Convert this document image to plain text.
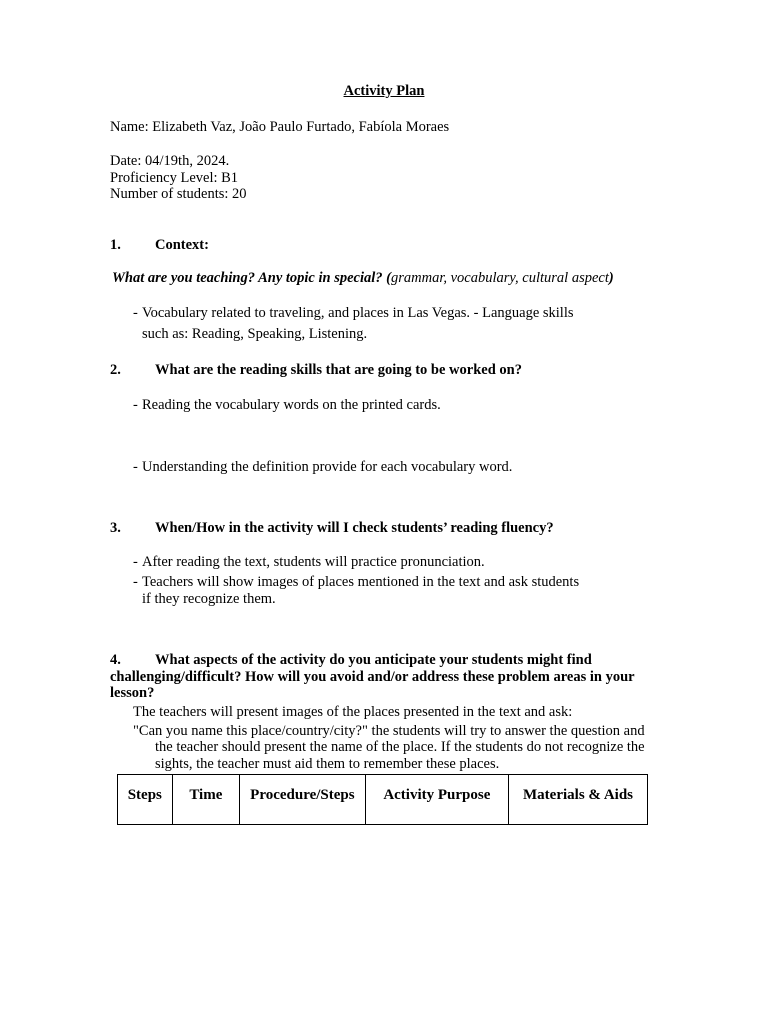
Activity Plan
Name: Elizabeth Vaz, João Paulo Furtado, Fabíola Moraes
Date: 04/19th, 2024.
Proficiency Level: B1
Number of students: 20
1. Context:
What are you teaching? Any topic in special? (grammar, vocabulary, cultural aspect)
- Vocabulary related to traveling, and places in Las Vegas. - Language skills
such as: Reading, Speaking, Listening.
2. What are the reading skills that are going to be worked on?
- Reading the vocabulary words on the printed cards.
- Understanding the definition provide for each vocabulary word.
3. When/How in the activity will I check students’ reading fluency?
- After reading the text, students will practice pronunciation.
- Teachers will show images of places mentioned in the text and ask students
if they recognize them.
4. What aspects of the activity do you anticipate your students might find
challenging/difficult? How will you avoid and/or address these problem areas in your
lesson?
The teachers will present images of the places presented in the text and ask:
"Can you name this place/country/city?" the students will try to answer the question and
the teacher should present the name of the place. If the students do not recognize the
sights, the teacher must aid them to remember these places.
Steps	Time	Procedure/Steps	Activity Purpose	Materials & Aids
